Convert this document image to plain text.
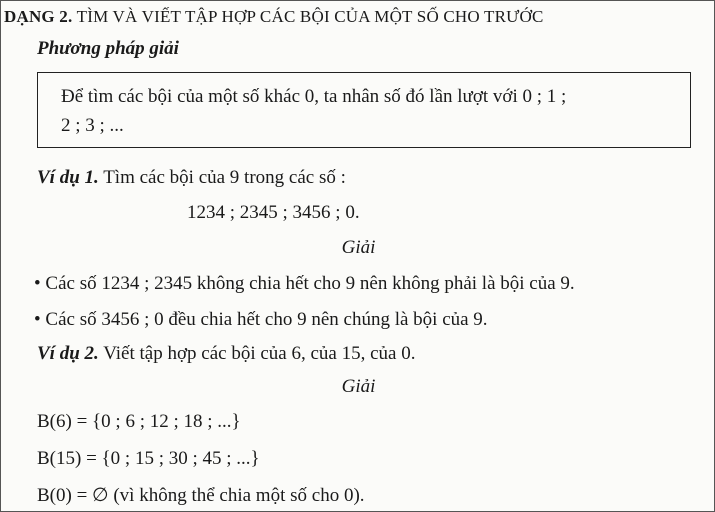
DẠNG 2. TÌM VÀ VIẾT TẬP HỢP CÁC BỘI CỦA MỘT SỐ CHO TRƯỚC
Phương pháp giải
Để tìm các bội của một số khác 0, ta nhân số đó lần lượt với 0 ; 1 ;
2 ; 3 ; ...
Ví dụ 1. Tìm các bội của 9 trong các số :
1234 ; 2345 ; 3456 ; 0.
Giải
• Các số 1234 ; 2345 không chia hết cho 9 nên không phải là bội của 9.
• Các số 3456 ; 0 đều chia hết cho 9 nên chúng là bội của 9.
Ví dụ 2. Viết tập hợp các bội của 6, của 15, của 0.
Giải
B(6) = {0 ; 6 ; 12 ; 18 ; ...}
B(15) = {0 ; 15 ; 30 ; 45 ; ...}
B(0) = ∅ (vì không thể chia một số cho 0).
